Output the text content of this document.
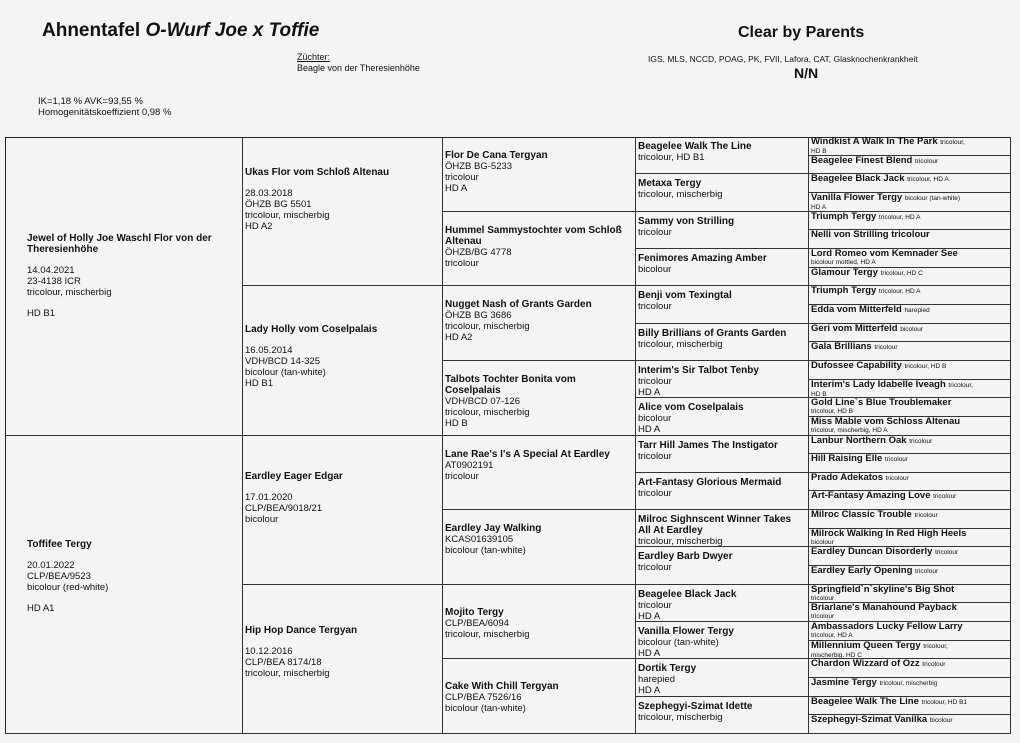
Ahnentafel O-Wurf Joe x Toffie
Züchter:
Beagle von der Theresienhöhe
Clear by Parents
IGS, MLS, NCCD, POAG, PK, FVII, Lafora, CAT, Glasknochenkrankheit
N/N
IK=1,18 % AVK=93,55 %
Homogenitätskoeffizient 0,98 %
Jewel of Holly Joe Waschl Flor von der Theresienhöhe
14.04.2021
23-4138 ICR
tricolour, mischerbig
HD B1
Toffifee Tergy
20.01.2022
CLP/BEA/9523
bicolour (red-white)
HD A1
Ukas Flor vom Schloß Altenau
28.03.2018
ÖHZB BG 5501
tricolour, mischerbig
HD A2
Lady Holly vom Coselpalais
16.05.2014
VDH/BCD 14-325
bicolour (tan-white)
HD B1
Eardley Eager Edgar
17.01.2020
CLP/BEA/9018/21
bicolour
Hip Hop Dance Tergyan
10.12.2016
CLP/BEA 8174/18
tricolour, mischerbig
Flor De Cana Tergyan
ÖHZB BG-5233
tricolour
HD A
Hummel Sammystochter vom Schloß Altenau
ÖHZB/BG 4778
tricolour
Nugget Nash of Grants Garden
ÖHZB BG 3686
tricolour, mischerbig
HD A2
Talbots Tochter Bonita vom Coselpalais
VDH/BCD 07-126
tricolour, mischerbig
HD B
Lane Rae's I's A Special At Eardley
AT0902191
tricolour
Eardley Jay Walking
KCAS01639105
bicolour (tan-white)
Mojito Tergy
CLP/BEA/6094
tricolour, mischerbig
Cake With Chill Tergyan
CLP/BEA 7526/16
bicolour (tan-white)
Beagelee Walk The Line
tricolour, HD B1
Metaxa Tergy
tricolour, mischerbig
Sammy von Strilling
tricolour
Fenimores Amazing Amber
bicolour
Benji vom Texingtal
tricolour
Billy Brillians of Grants Garden
tricolour, mischerbig
Interim's Sir Talbot Tenby
tricolour
HD A
Alice vom Coselpalais
bicolour
HD A
Tarr Hill James The Instigator
tricolour
Art-Fantasy Glorious Mermaid
tricolour
Milroc Sighnscent Winner Takes All At Eardley
tricolour, mischerbig
Eardley Barb Dwyer
tricolour
Beagelee Black Jack
tricolour
HD A
Vanilla Flower Tergy
bicolour (tan-white)
HD A
Dortik Tergy
harepied
HD A
Szephegyi-Szimat Idette
tricolour, mischerbig
Windkist A Walk In The Park tricolour,
HD B
Beagelee Finest Blend tricolour
Beagelee Black Jack tricolour, HD A
Vanilla Flower Tergy bicolour (tan-white)
HD A
Triumph Tergy tricolour, HD A
Nelli von Strilling tricolour
Lord Romeo vom Kemnader See
bicolour mottled, HD A
Glamour Tergy tricolour, HD C
Triumph Tergy tricolour, HD A
Edda vom Mitterfeld harepied
Geri vom Mitterfeld bicolour
Gala Brillians tricolour
Dufossee Capability tricolour, HD B
Interim's Lady Idabelle Iveagh tricolour,
HD B
Gold Line`s Blue Troublemaker
tricolour, HD B
Miss Mable vom Schloss Altenau
tricolour, mischerbig, HD A
Lanbur Northern Oak tricolour
Hill Raising Elle tricolour
Prado Adekatos tricolour
Art-Fantasy Amazing Love tricolour
Milroc Classic Trouble tricolour
Milrock Walking In Red High Heels
bicolour
Eardley Duncan Disorderly tricolour
Eardley Early Opening tricolour
Springfield`n`skyline's Big Shot
tricolour
Briarlane's Manahound Payback
tricolour
Ambassadors Lucky Fellow Larry
tricolour, HD A
Millennium Queen Tergy tricolour,
mischerbig, HD C
Chardon Wizzard of Ozz tricolour
Jasmine Tergy tricolour, mischerbig
Beagelee Walk The Line tricolour, HD B1
Szephegyi-Szimat Vanilka bicolour
